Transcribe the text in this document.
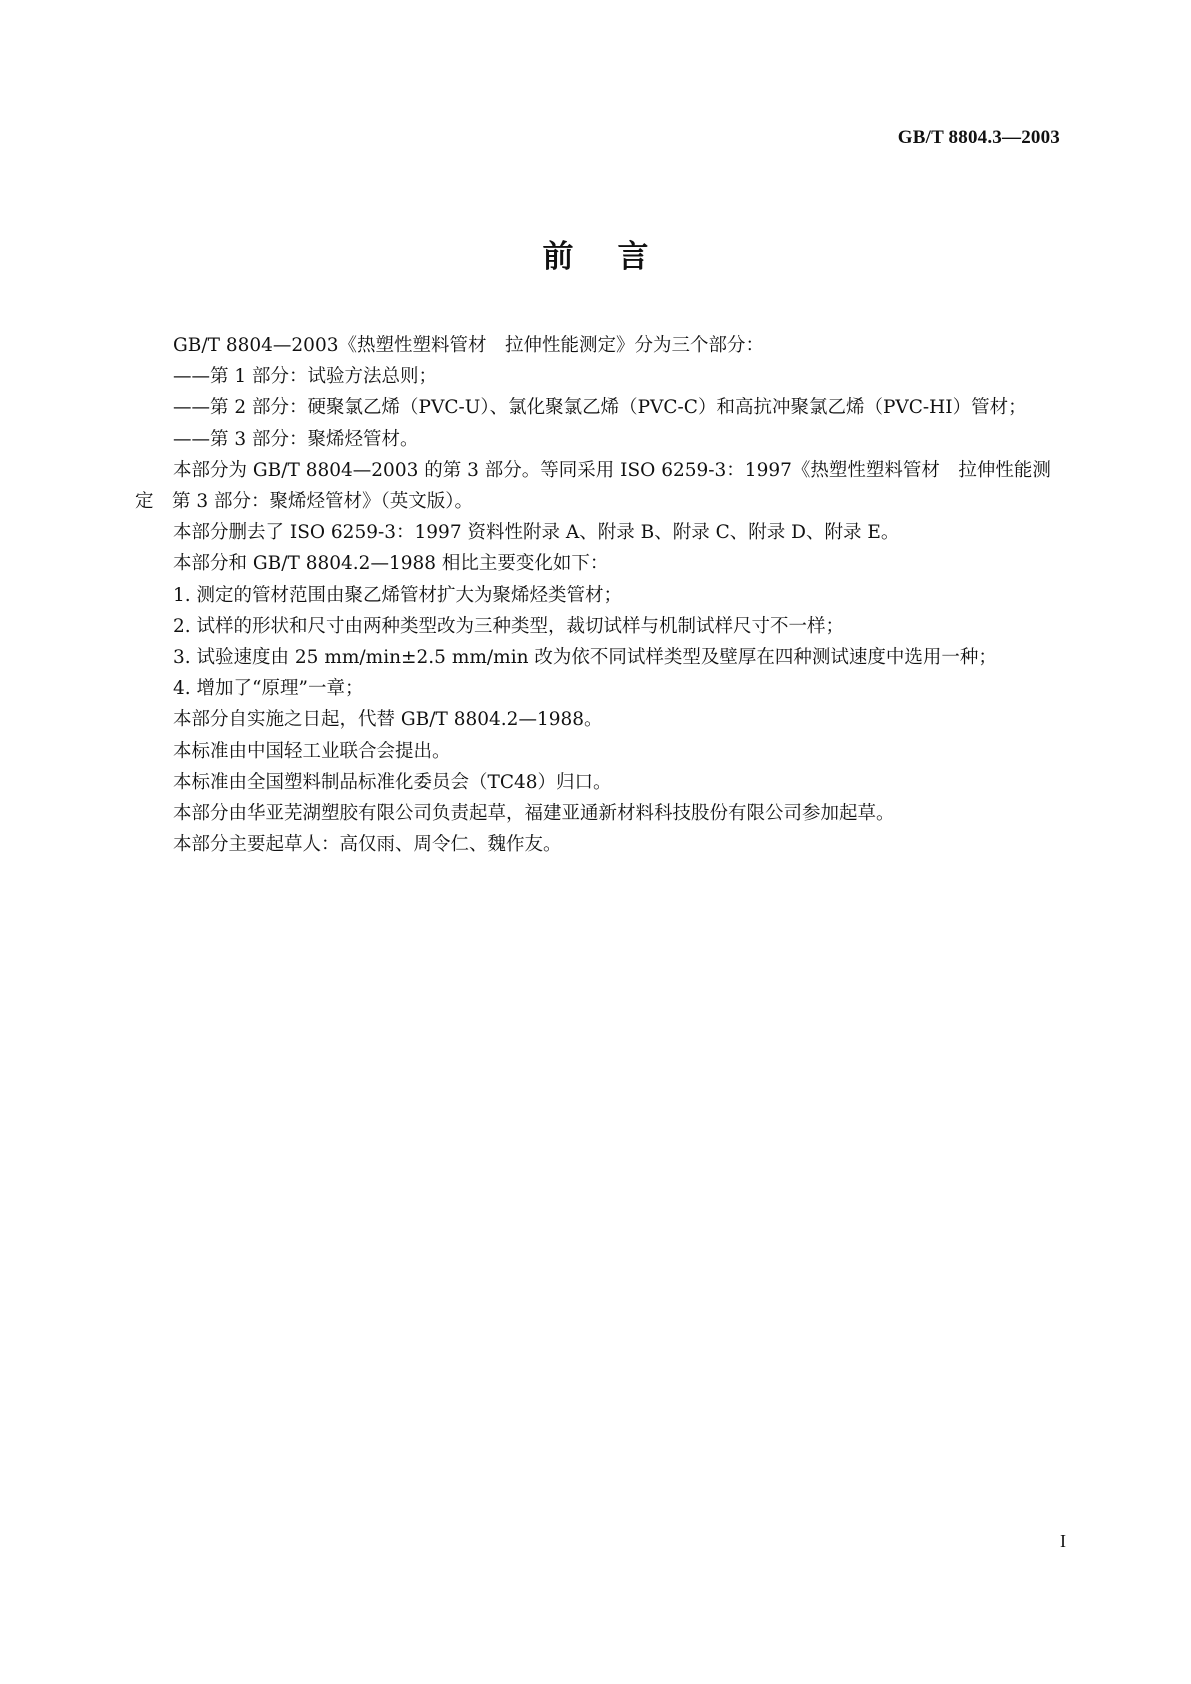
GB/T 8804.3—2003
前言

GB/T 8804—2003《热塑性塑料管材　拉伸性能测定》分为三个部分：

——第 1 部分：试验方法总则；

——第 2 部分：硬聚氯乙烯（PVC-U）、氯化聚氯乙烯（PVC-C）和高抗冲聚氯乙烯（PVC-HI）管材；

——第 3 部分：聚烯烃管材。

本部分为 GB/T 8804—2003 的第 3 部分。等同采用 ISO 6259-3：1997《热塑性塑料管材　拉伸性能测定　第 3 部分：聚烯烃管材》（英文版）。

本部分删去了 ISO 6259-3：1997 资料性附录 A、附录 B、附录 C、附录 D、附录 E。

本部分和 GB/T 8804.2—1988 相比主要变化如下：

1. 测定的管材范围由聚乙烯管材扩大为聚烯烃类管材；

2. 试样的形状和尺寸由两种类型改为三种类型，裁切试样与机制试样尺寸不一样；

3. 试验速度由 25 mm/min±2.5 mm/min 改为依不同试样类型及壁厚在四种测试速度中选用一种；

4. 增加了“原理”一章；

本部分自实施之日起，代替 GB/T 8804.2—1988。

本标准由中国轻工业联合会提出。

本标准由全国塑料制品标准化委员会（TC48）归口。

本部分由华亚芜湖塑胶有限公司负责起草，福建亚通新材料科技股份有限公司参加起草。

本部分主要起草人：高仅雨、周令仁、魏作友。

I
